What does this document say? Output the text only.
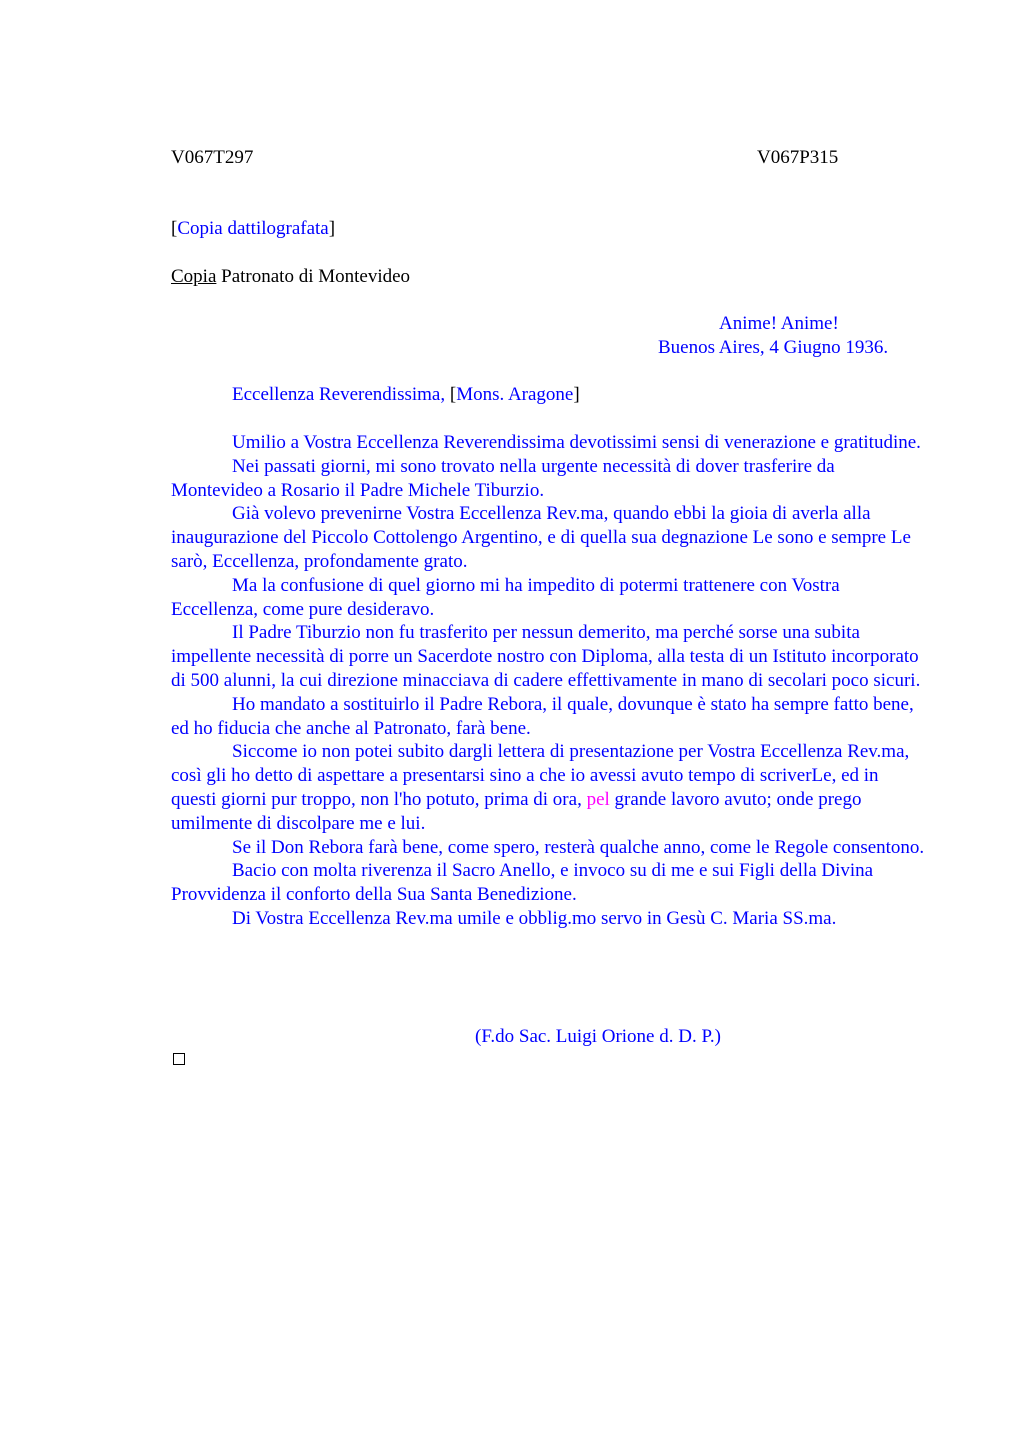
V067T297	V067P315
[Copia dattilografata]
Copia Patronato di Montevideo
Anime! Anime!
Buenos Aires, 4 Giugno 1936.
Eccellenza Reverendissima, [Mons. Aragone]

Umilio a Vostra Eccellenza Reverendissima devotissimi sensi di venerazione e gratitudine.

Nei passati giorni, mi sono trovato nella urgente necessità di dover trasferire da Montevideo a Rosario il Padre Michele Tiburzio.

Già volevo prevenirne Vostra Eccellenza Rev.ma, quando ebbi la gioia di averla alla inaugurazione del Piccolo Cottolengo Argentino, e di quella sua degnazione Le sono e sempre Le sarò, Eccellenza, profondamente grato.

Ma la confusione di quel giorno mi ha impedito di potermi trattenere con Vostra Eccellenza, come pure desideravo.

Il Padre Tiburzio non fu trasferito per nessun demerito, ma perché sorse una subita impellente necessità di porre un Sacerdote nostro con Diploma, alla testa di un Istituto incorporato di 500 alunni, la cui direzione minacciava di cadere effettivamente in mano di secolari poco sicuri.

Ho mandato a sostituirlo il Padre Rebora, il quale, dovunque è stato ha sempre fatto bene, ed ho fiducia che anche al Patronato, farà bene.

Siccome io non potei subito dargli lettera di presentazione per Vostra Eccellenza Rev.ma, così gli ho detto di aspettare a presentarsi sino a che io avessi avuto tempo di scriverLe, ed in questi giorni pur troppo, non l'ho potuto, prima di ora, pel grande lavoro avuto; onde prego umilmente di discolpare me e lui.

Se il Don Rebora farà bene, come spero, resterà qualche anno, come le Regole consentono.

Bacio con molta riverenza il Sacro Anello, e invoco su di me e sui Figli della Divina Provvidenza il conforto della Sua Santa Benedizione.

Di Vostra Eccellenza Rev.ma umile e obblig.mo servo in Gesù C. Maria SS.ma.

(F.do Sac. Luigi Orione d. D. P.)
